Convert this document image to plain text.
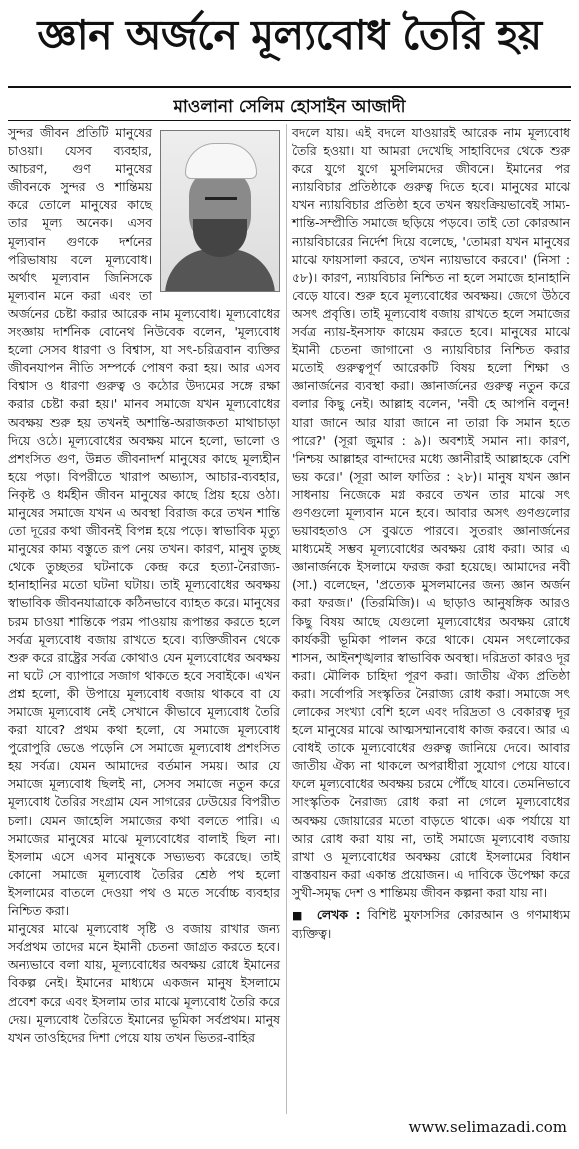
জ্ঞান অর্জনে মূল্যবোধ তৈরি হয়
মাওলানা সেলিম হোসাইন আজাদী

সুন্দর জীবন প্রতিটি মানুষের চাওয়া। যেসব ব্যবহার, আচরণ, গুণ মানুষের জীবনকে সুন্দর ও শান্তিময় করে তোলে মানুষের কাছে তার মূল্য অনেক। এসব মূল্যবান গুণকে দর্শনের পরিভাষায় বলে মূল্যবোধ। অর্থাৎ মূল্যবান জিনিসকে মূল্যবান মনে করা এবং তা অর্জনের চেষ্টা করার আরেক নাম মূল্যবোধ। মূল্যবোধের সংজ্ঞায় দার্শনিক বোনেথ নিউবেক বলেন, 'মূল্যবোধ হলো সেসব ধারণা ও বিশ্বাস, যা সৎ-চরিত্রবান ব্যক্তির জীবনযাপন নীতি সম্পর্কে পোষণ করা হয়। আর এসব বিশ্বাস ও ধারণা গুরুত্ব ও কঠোর উদ্যমের সঙ্গে রক্ষা করার চেষ্টা করা হয়।' মানব সমাজে যখন মূল্যবোধের অবক্ষয় শুরু হয় তখনই অশান্তি-অরাজকতা মাথাচাড়া দিয়ে ওঠে। মূল্যবোধের অবক্ষয় মানে হলো, ভালো ও প্রশংসিত গুণ, উন্নত জীবনাদর্শ মানুষের কাছে মূল্যহীন হয়ে পড়া। বিপরীতে খারাপ অভ্যাস, আচার-ব্যবহার, নিকৃষ্ট ও ধর্মহীন জীবন মানুষের কাছে প্রিয় হয়ে ওঠা। মানুষের সমাজে যখন এ অবস্থা বিরাজ করে তখন শান্তি তো দূরের কথা জীবনই বিপন্ন হয়ে পড়ে। স্বাভাবিক মৃত্যু মানুষের কাম্য বস্তুতে রূপ নেয় তখন। কারণ, মানুষ তুচ্ছ থেকে তুচ্ছতর ঘটনাকে কেন্দ্র করে হত্যা-নৈরাজ্য-হানাহানির মতো ঘটনা ঘটায়। তাই মূল্যবোধের অবক্ষয় স্বাভাবিক জীবনযাত্রাকে কঠিনভাবে ব্যাহত করে। মানুষের চরম চাওয়া শান্তিকে পরম পাওয়ায় রূপান্তর করতে হলে সর্বত্র মূল্যবোধ বজায় রাখতে হবে। ব্যক্তিজীবন থেকে শুরু করে রাষ্ট্রের সর্বত্র কোথাও যেন মূল্যবোধের অবক্ষয় না ঘটে সে ব্যাপারে সজাগ থাকতে হবে সবাইকে। এখন প্রশ্ন হলো, কী উপায়ে মূল্যবোধ বজায় থাকবে বা যে সমাজে মূল্যবোধ নেই সেখানে কীভাবে মূল্যবোধ তৈরি করা যাবে? প্রথম কথা হলো, যে সমাজে মূল্যবোধ পুরোপুরি ভেঙে পড়েনি সে সমাজে মূল্যবোধ প্রশংসিত হয় সর্বত্র। যেমন আমাদের বর্তমান সময়। আর যে সমাজে মূল্যবোধ ছিলই না, সেসব সমাজে নতুন করে মূল্যবোধ তৈরির সংগ্রাম যেন সাগরের ঢেউয়ের বিপরীত চলা। যেমন জাহেলি সমাজের কথা বলতে পারি। এ সমাজের মানুষের মাঝে মূল্যবোধের বালাই ছিল না। ইসলাম এসে এসব মানুষকে সভ্যভব্য করেছে। তাই কোনো সমাজে মূল্যবোধ তৈরির শ্রেষ্ঠ পথ হলো ইসলামের বাতলে দেওয়া পথ ও মতে সর্বোচ্চ ব্যবহার নিশ্চিত করা।

মানুষের মাঝে মূল্যবোধ সৃষ্টি ও বজায় রাখার জন্য সর্বপ্রথম তাদের মনে ইমানী চেতনা জাগ্রত করতে হবে। অন্যভাবে বলা যায়, মূল্যবোধের অবক্ষয় রোধে ইমানের বিকল্প নেই। ইমানের মাধ্যমে একজন মানুষ ইসলামে প্রবেশ করে এবং ইসলাম তার মাঝে মূল্যবোধ তৈরি করে দেয়। মূল্যবোধ তৈরিতে ইমানের ভূমিকা সর্বপ্রথম। মানুষ যখন তাওহিদের দিশা পেয়ে যায় তখন ভিতর-বাহির

বদলে যায়। এই বদলে যাওয়ারই আরেক নাম মূল্যবোধ তৈরি হওয়া। যা আমরা দেখেছি সাহাবিদের থেকে শুরু করে যুগে যুগে মুসলিমদের জীবনে। ইমানের পর ন্যায়বিচার প্রতিষ্ঠাকে গুরুত্ব দিতে হবে। মানুষের মাঝে যখন ন্যায়বিচার প্রতিষ্ঠা হবে তখন স্বয়ংক্রিয়ভাবেই সাম্য-শান্তি-সম্প্রীতি সমাজে ছড়িয়ে পড়বে। তাই তো কোরআন ন্যায়বিচারের নির্দেশ দিয়ে বলেছে, 'তোমরা যখন মানুষের মাঝে ফায়সালা করবে, তখন ন্যায়ভাবে করবে।' (নিসা : ৫৮)। কারণ, ন্যায়বিচার নিশ্চিত না হলে সমাজে হানাহানি বেড়ে যাবে। শুরু হবে মূল্যবোধের অবক্ষয়। জেগে উঠবে অসৎ প্রবৃত্তি। তাই মূল্যবোধ বজায় রাখতে হলে সমাজের সর্বত্র ন্যায়-ইনসাফ কায়েম করতে হবে। মানুষের মাঝে ইমানী চেতনা জাগানো ও ন্যায়বিচার নিশ্চিত করার মতোই গুরুত্বপূর্ণ আরেকটি বিষয় হলো শিক্ষা ও জ্ঞানার্জনের ব্যবস্থা করা। জ্ঞানার্জনের গুরুত্ব নতুন করে বলার কিছু নেই। আল্লাহ বলেন, 'নবী হে আপনি বলুন! যারা জানে আর যারা জানে না তারা কি সমান হতে পারে?' (সূরা জুমার : ৯)। অবশ্যই সমান না। কারণ, 'নিশ্চয় আল্লাহর বান্দাদের মধ্যে জ্ঞানীরাই আল্লাহকে বেশি ভয় করে।' (সূরা আল ফাতির : ২৮)। মানুষ যখন জ্ঞান সাধনায় নিজেকে মগ্ন করবে তখন তার মাঝে সৎ গুণগুলো মূল্যবান মনে হবে। আবার অসৎ গুণগুলোর ভয়াবহতাও সে বুঝতে পারবে। সুতরাং জ্ঞানার্জনের মাধ্যমেই সম্ভব মূল্যবোধের অবক্ষয় রোধ করা। আর এ জ্ঞানার্জনকে ইসলামে ফরজ করা হয়েছে। আমাদের নবী (সা.) বলেছেন, 'প্রত্যেক মুসলমানের জন্য জ্ঞান অর্জন করা ফরজ।' (তিরমিজি)। এ ছাড়াও আনুষঙ্গিক আরও কিছু বিষয় আছে যেগুলো মূল্যবোধের অবক্ষয় রোধে কার্যকরী ভূমিকা পালন করে থাকে। যেমন সৎলোকের শাসন, আইনশৃঙ্খলার স্বাভাবিক অবস্থা। দরিদ্রতা কারও দূর করা। মৌলিক চাহিদা পূরণ করা। জাতীয় ঐক্য প্রতিষ্ঠা করা। সর্বোপরি সংস্কৃতির নৈরাজ্য রোধ করা। সমাজে সৎ লোকের সংখ্যা বেশি হলে এবং দরিদ্রতা ও বেকারত্ব দূর হলে মানুষের মাঝে আত্মসম্মানবোধ কাজ করবে। আর এ বোধই তাকে মূল্যবোধের গুরুত্ব জানিয়ে দেবে। আবার জাতীয় ঐক্য না থাকলে অপরাধীরা সুযোগ পেয়ে যাবে। ফলে মূল্যবোধের অবক্ষয় চরমে পৌঁছে যাবে। তেমনিভাবে সাংস্কৃতিক নৈরাজ্য রোধ করা না গেলে মূল্যবোধের অবক্ষয় জোয়ারের মতো বাড়তে থাকে। এক পর্যায়ে যা আর রোধ করা যায় না, তাই সমাজে মূল্যবোধ বজায় রাখা ও মূল্যবোধের অবক্ষয় রোধে ইসলামের বিধান বাস্তবায়ন করা একান্ত প্রয়োজন। এ দাবিকে উপেক্ষা করে সুখী-সমৃদ্ধ দেশ ও শান্তিময় জীবন কল্পনা করা যায় না।

■ লেখক : বিশিষ্ট মুফাসসির কোরআন ও গণমাধ্যম ব্যক্তিত্ব।
www.selimazadi.com
